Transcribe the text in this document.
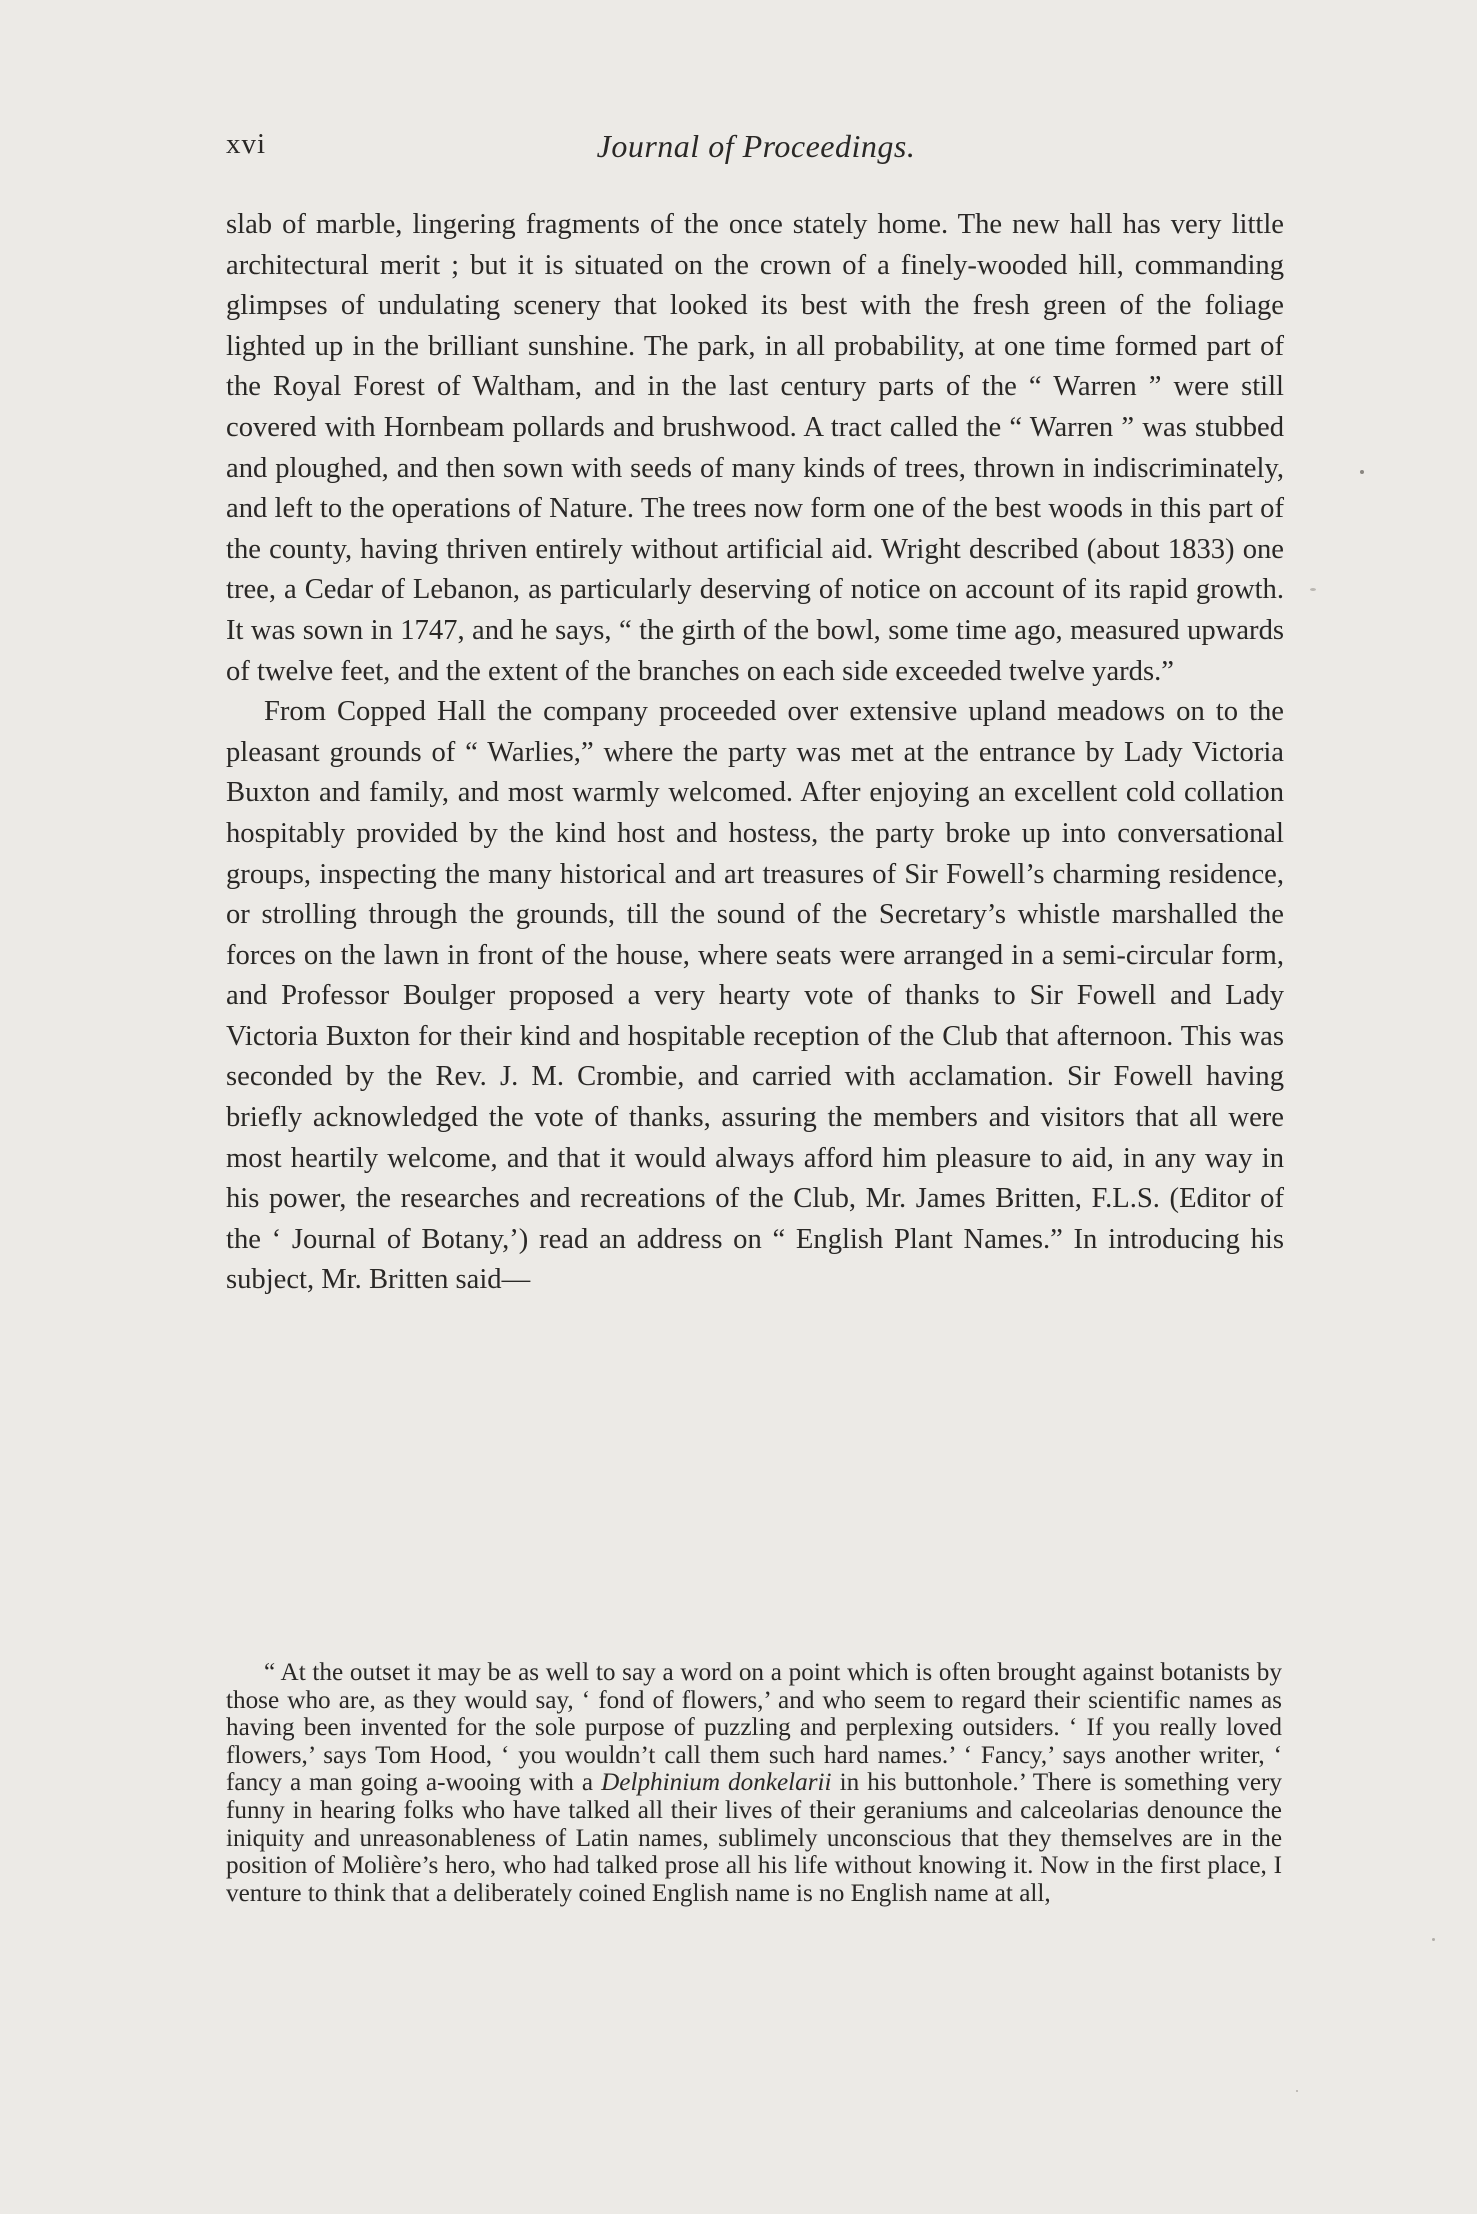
xvi	Journal of Proceedings.

slab of marble, lingering fragments of the once stately home. The new hall has very little architectural merit ; but it is situated on the crown of a finely-wooded hill, commanding glimpses of undulating scenery that looked its best with the fresh green of the foliage lighted up in the brilliant sunshine. The park, in all probability, at one time formed part of the Royal Forest of Waltham, and in the last century parts of the “ Warren ” were still covered with Hornbeam pollards and brushwood. A tract called the “ Warren ” was stubbed and ploughed, and then sown with seeds of many kinds of trees, thrown in indiscriminately, and left to the operations of Nature. The trees now form one of the best woods in this part of the county, having thriven entirely without artificial aid. Wright described (about 1833) one tree, a Cedar of Lebanon, as particularly deserving of notice on account of its rapid growth. It was sown in 1747, and he says, “ the girth of the bowl, some time ago, measured upwards of twelve feet, and the extent of the branches on each side exceeded twelve yards.”

From Copped Hall the company proceeded over extensive upland meadows on to the pleasant grounds of “ Warlies,” where the party was met at the entrance by Lady Victoria Buxton and family, and most warmly welcomed. After enjoying an excellent cold collation hospitably provided by the kind host and hostess, the party broke up into conversational groups, inspecting the many historical and art treasures of Sir Fowell’s charming residence, or strolling through the grounds, till the sound of the Secretary’s whistle marshalled the forces on the lawn in front of the house, where seats were arranged in a semi-circular form, and Professor Boulger proposed a very hearty vote of thanks to Sir Fowell and Lady Victoria Buxton for their kind and hospitable reception of the Club that afternoon. This was seconded by the Rev. J. M. Crombie, and carried with acclamation. Sir Fowell having briefly acknowledged the vote of thanks, assuring the members and visitors that all were most heartily welcome, and that it would always afford him pleasure to aid, in any way in his power, the researches and recreations of the Club, Mr. James Britten, F.L.S. (Editor of the ‘ Journal of Botany,’) read an address on “ English Plant Names.” In introducing his subject, Mr. Britten said—

“ At the outset it may be as well to say a word on a point which is often brought against botanists by those who are, as they would say, ‘ fond of flowers,’ and who seem to regard their scientific names as having been invented for the sole purpose of puzzling and perplexing outsiders. ‘ If you really loved flowers,’ says Tom Hood, ‘ you wouldn’t call them such hard names.’ ‘ Fancy,’ says another writer, ‘ fancy a man going a-wooing with a Delphinium donkelarii in his buttonhole.’ There is something very funny in hearing folks who have talked all their lives of their geraniums and calceolarias denounce the iniquity and unreasonableness of Latin names, sublimely unconscious that they themselves are in the position of Molière’s hero, who had talked prose all his life without knowing it. Now in the first place, I venture to think that a deliberately coined English name is no English name at all,
